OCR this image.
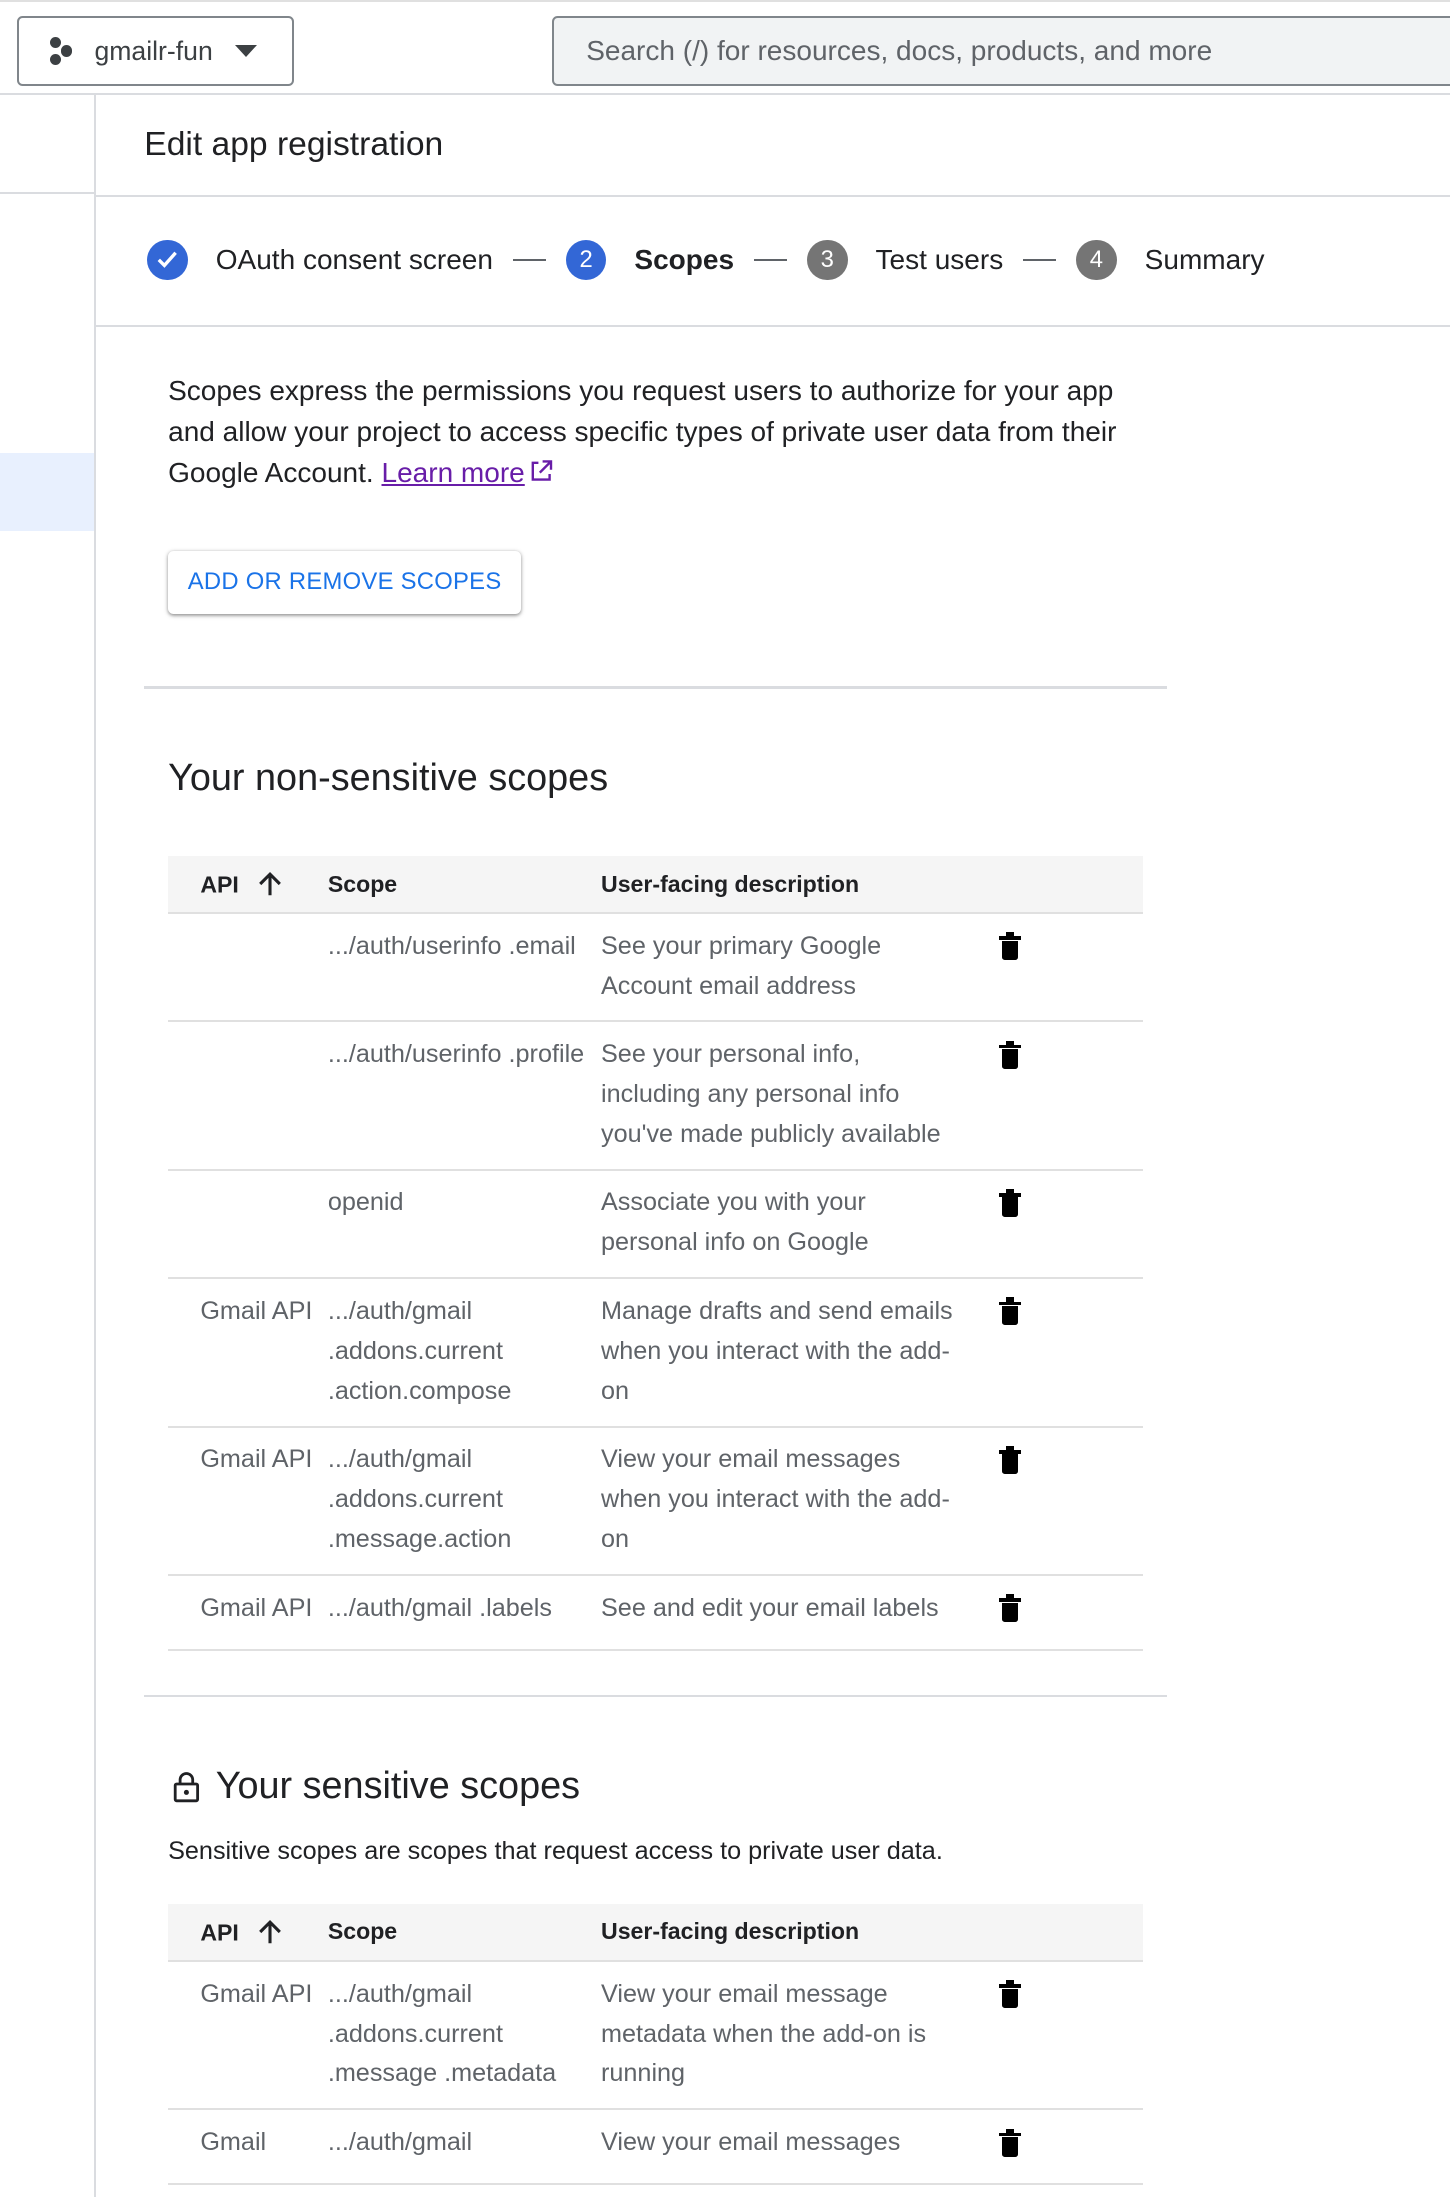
gmailr-fun	Search (/) for resources, docs, products, and more
Edit app registration
OAuth consent screen	2	Scopes	3	Test users	4	Summary
Scopes express the permissions you request users to authorize for your app and allow your project to access specific types of private user data from their Google Account. Learn more
ADD OR REMOVE SCOPES
Your non-sensitive scopes
API	Scope	User-facing description	
	.../auth/userinfo .email	See your primary Google Account email address	

	.../auth/userinfo .profile	See your personal info, including any personal info you've made publicly available	

	openid	Associate you with your personal info on Google	

Gmail API	.../auth/gmail .addons.current .action.compose	Manage drafts and send emails when you interact with the add-on	

Gmail API	.../auth/gmail .addons.current .message.action	View your email messages when you interact with the add-on	

Gmail API	.../auth/gmail .labels	See and edit your email labels	
Your sensitive scopes
Sensitive scopes are scopes that request access to private user data.
API	Scope	User-facing description	
Gmail API	.../auth/gmail .addons.current .message .metadata	View your email message metadata when the add-on is running	

Gmail	.../auth/gmail	View your email messages	
